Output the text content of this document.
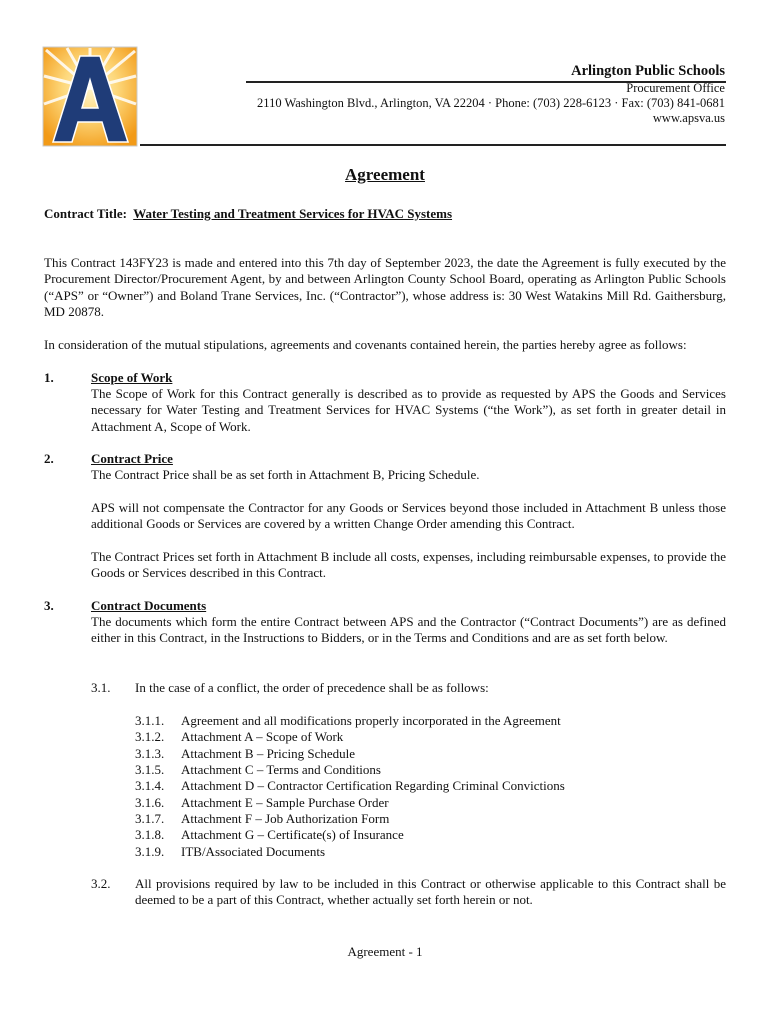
Arlington Public Schools
Procurement Office
2110 Washington Blvd., Arlington, VA 22204 · Phone: (703) 228-6123 · Fax: (703) 841-0681
www.apsva.us
Agreement
Contract Title: Water Testing and Treatment Services for HVAC Systems
This Contract 143FY23 is made and entered into this 7th day of September 2023, the date the Agreement is fully executed by the Procurement Director/Procurement Agent, by and between Arlington County School Board, operating as Arlington Public Schools (“APS” or “Owner”) and Boland Trane Services, Inc. (“Contractor”), whose address is: 30 West Watakins Mill Rd. Gaithersburg, MD 20878.
In consideration of the mutual stipulations, agreements and covenants contained herein, the parties hereby agree as follows:
1.	Scope of Work
The Scope of Work for this Contract generally is described as to provide as requested by APS the Goods and Services necessary for Water Testing and Treatment Services for HVAC Systems (“the Work”), as set forth in greater detail in Attachment A, Scope of Work.
2.	Contract Price
The Contract Price shall be as set forth in Attachment B, Pricing Schedule.
APS will not compensate the Contractor for any Goods or Services beyond those included in Attachment B unless those additional Goods or Services are covered by a written Change Order amending this Contract.
The Contract Prices set forth in Attachment B include all costs, expenses, including reimbursable expenses, to provide the Goods or Services described in this Contract.
3.	Contract Documents
The documents which form the entire Contract between APS and the Contractor (“Contract Documents”) are as defined either in this Contract, in the Instructions to Bidders, or in the Terms and Conditions and are as set forth below.
3.1. In the case of a conflict, the order of precedence shall be as follows:
3.1.1. Agreement and all modifications properly incorporated in the Agreement
3.1.2. Attachment A – Scope of Work
3.1.3. Attachment B – Pricing Schedule
3.1.5. Attachment C – Terms and Conditions
3.1.4. Attachment D – Contractor Certification Regarding Criminal Convictions
3.1.6. Attachment E – Sample Purchase Order
3.1.7. Attachment F – Job Authorization Form
3.1.8. Attachment G – Certificate(s) of Insurance
3.1.9. ITB/Associated Documents
3.2. All provisions required by law to be included in this Contract or otherwise applicable to this Contract shall be deemed to be a part of this Contract, whether actually set forth herein or not.
Agreement - 1
